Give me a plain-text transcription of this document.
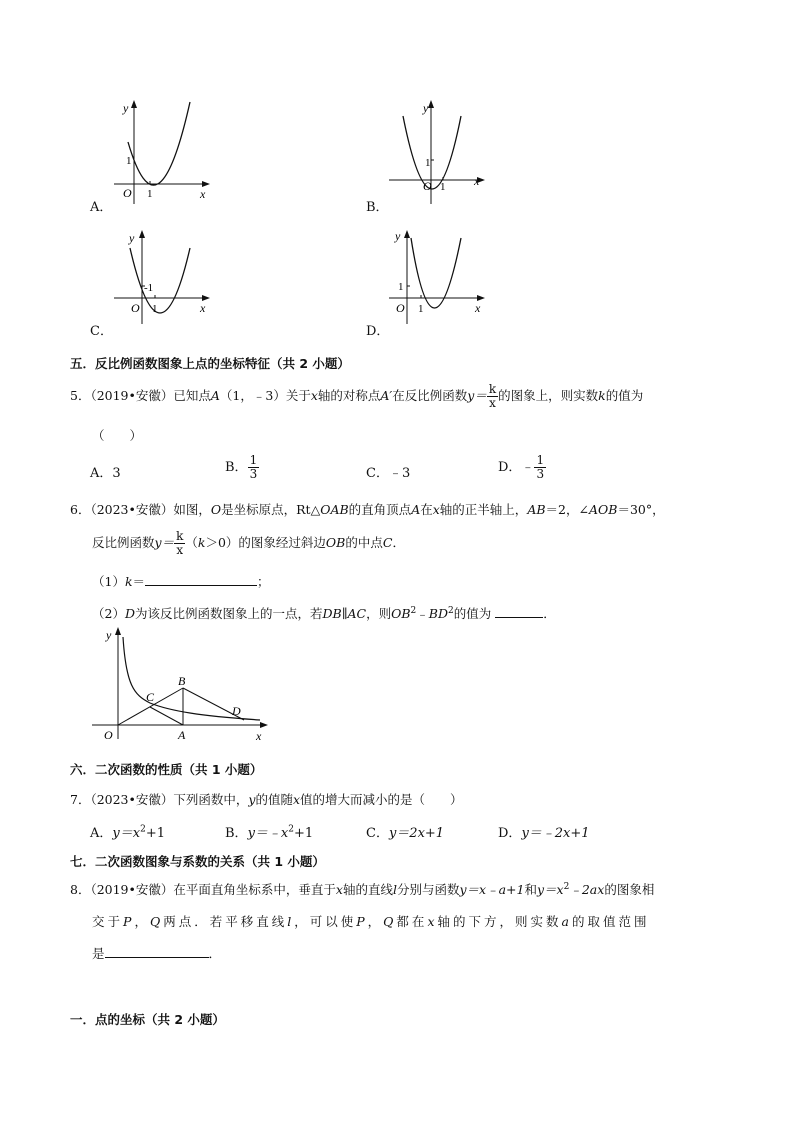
y
1
O 1	x
A．
y
1
O 1 x
B．
y
-1
O 1	x
C．
y
1
O 1	x
D．
五．反比例函数图象上点的坐标特征（共 2 小题）
5．（2019•安徽）已知点A（1，﹣3）关于x轴的对称点A′在反比例函数$y= \frac{k}{x}$ 的图象上，则实数k的值为
（　　）
A．3	B． $\frac{1}{3}$	C．﹣3	D．﹣ $\frac{1}{3}$
6．（2023•安徽）如图，O是坐标原点，Rt△OAB的直角顶点A在x轴的正半轴上，AB＝2，∠AOB＝30°，
反比例函数$y= \frac{k}{x} (k>0)$的图象经过斜边OB的中点C．
（1）k＝	；
（2）D为该反比例函数图象上的一点，若DB∥AC，则$OB^2﹣BD^2$的值为	．
y
O	A
B
C
D
x
六．二次函数的性质（共 1 小题）
7．（2023•安徽）下列函数中，y的值随x值的增大而减小的是（　　）
A．$y=x^2+1$	B．$y=﹣x^2+1$	C．y＝2x+1	D．y＝﹣2x+1
七．二次函数图象与系数的关系（共 1 小题）
8．（2019•安徽）在平面直角坐标系中，垂直于x轴的直线l分别与函数y＝x﹣a+1和$y=x^2﹣2ax$的图象相
交于P，Q两点．若平移直线l，可以使P，Q都在x轴的下方，则实数a的取值范围
是	．
一．点的坐标（共 2 小题）
